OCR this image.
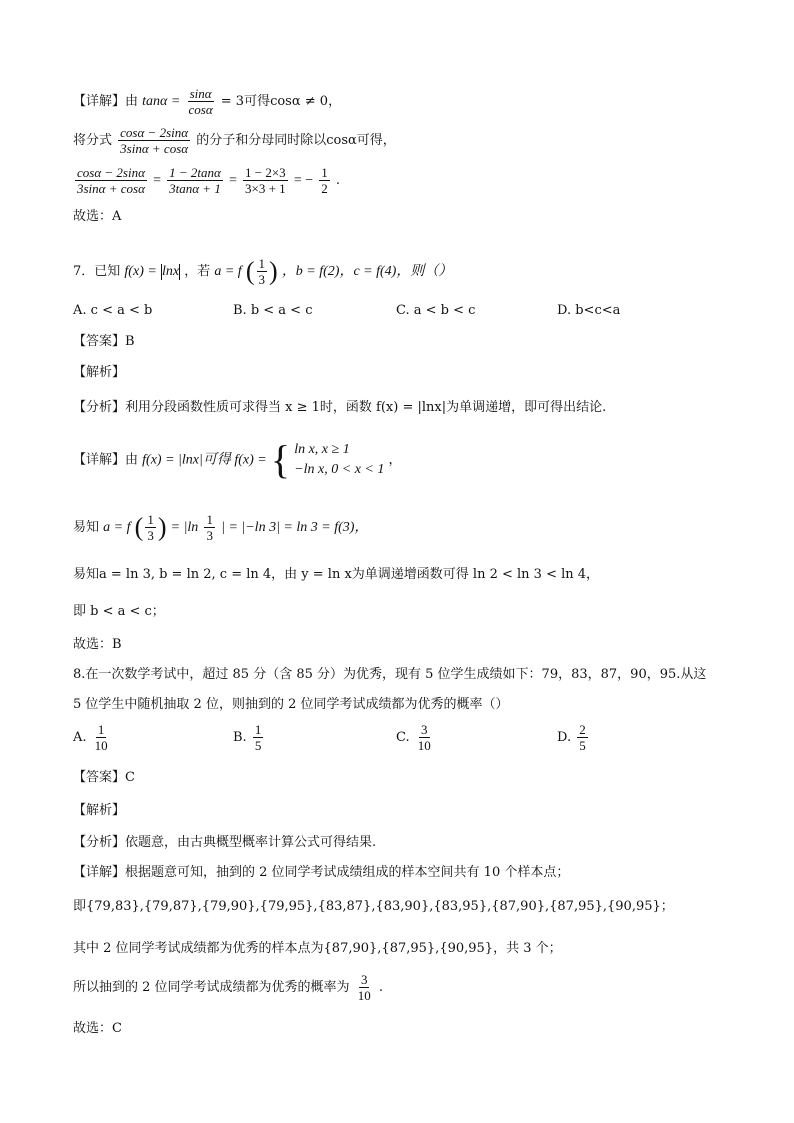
【详解】由 $\tan\alpha = \frac{\sin\alpha}{\cos\alpha} = 3$可得cosα ≠ 0，
将分式 $\frac{\cos\alpha - 2\sin\alpha}{3\sin\alpha + \cos\alpha}$ 的分子和分母同时除以cosα可得，
$\frac{\cos\alpha - 2\sin\alpha}{3\sin\alpha + \cos\alpha} = \frac{1 - 2\tan\alpha}{3\tan\alpha + 1} = \frac{1 - 2\times 3}{3\times 3 + 1}$ = − $\frac{1}{2}$ .
故选：A
7．已知 f(x) = lnx ，若 a = f ( $\frac{1}{3}$ ) ，b = f(2)，c = f(4)，则（）
A. c < a < b	B. b < a < c	C. a < b < c	D. b<c<a
【答案】B
【解析】
【分析】利用分段函数性质可求得当 x ≥ 1时，函数 f(x) = |lnx|为单调递增，即可得出结论.
【详解】由 f(x) = |lnx|可得 f(x) = { ln x, x ≥ 1
−ln x, 0 < x < 1
，
易知 a = f ( $\frac{1}{3}$ ) = $|\ln \frac{1}{3}$ | = |−ln 3| = ln 3 = f(3)，
易知a = ln 3, b = ln 2, c = ln 4，由 y = ln x为单调递增函数可得 ln 2 < ln 3 < ln 4，
即 b < a < c；
故选：B
8.在一次数学考试中，超过 85 分（含 85 分）为优秀，现有 5 位学生成绩如下：79，83，87，90，95.从这
5 位学生中随机抽取 2 位，则抽到的 2 位同学考试成绩都为优秀的概率（）
A. $\frac{1}{10}$	B. $\frac{1}{5}$	C. $\frac{3}{10}$	D. $\frac{2}{5}$
【答案】C
【解析】
【分析】依题意，由古典概型概率计算公式可得结果.
【详解】根据题意可知，抽到的 2 位同学考试成绩组成的样本空间共有 10 个样本点；
即{79,83},{79,87},{79,90},{79,95},{83,87},{83,90},{83,95},{87,90},{87,95},{90,95}；
其中 2 位同学考试成绩都为优秀的样本点为{87,90},{87,95},{90,95}，共 3 个；
所以抽到的 2 位同学考试成绩都为优秀的概率为 $\frac{3}{10}$ .
故选：C
